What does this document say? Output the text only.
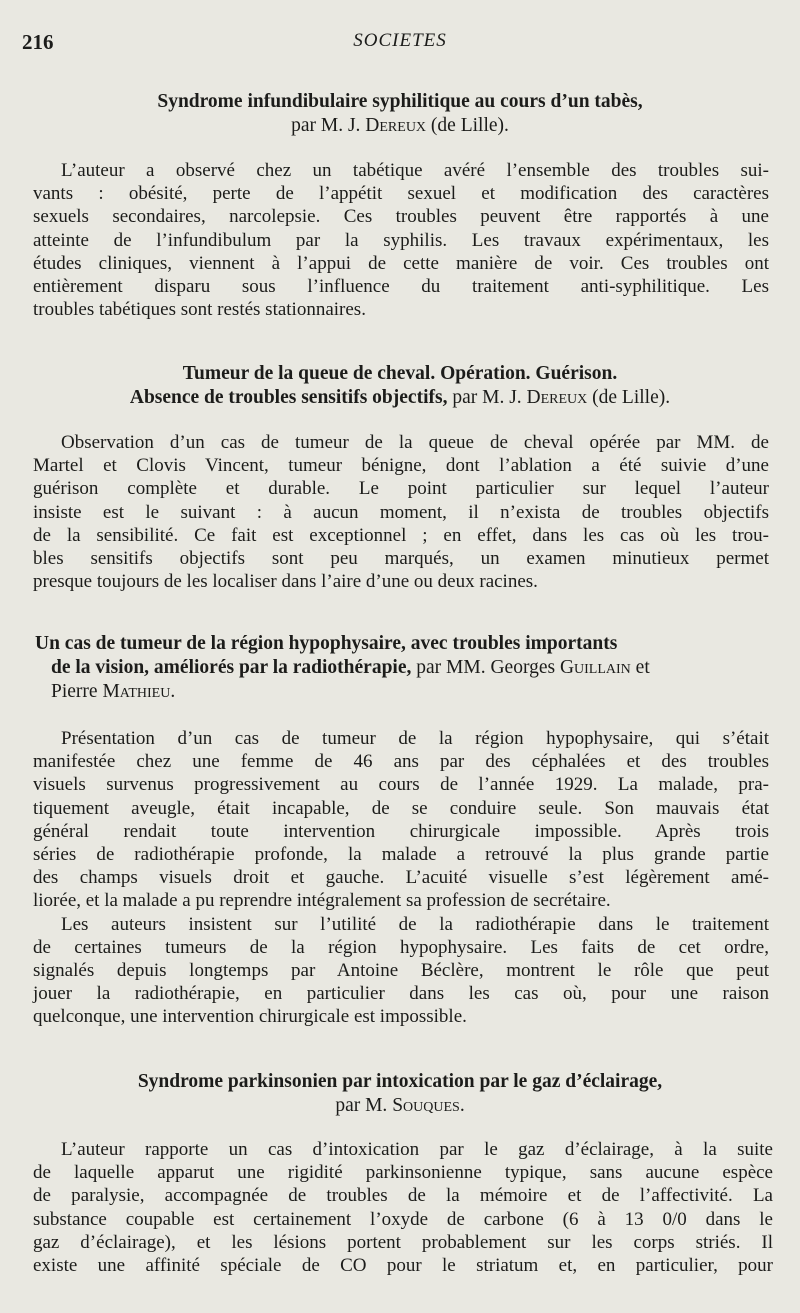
216	SOCIETES
Syndrome infundibulaire syphilitique au cours d’un tabès,
par M. J. Dereux (de Lille).
L’auteur a observé chez un tabétique avéré l’ensemble des troubles sui-
vants : obésité, perte de l’appétit sexuel et modification des caractères
sexuels secondaires, narcolepsie. Ces troubles peuvent être rapportés à une
atteinte de l’infundibulum par la syphilis. Les travaux expérimentaux, les
études cliniques, viennent à l’appui de cette manière de voir. Ces troubles ont
entièrement disparu sous l’influence du traitement anti-syphilitique. Les
troubles tabétiques sont restés stationnaires.
Tumeur de la queue de cheval. Opération. Guérison.
Absence de troubles sensitifs objectifs, par M. J. Dereux (de Lille).
Observation d’un cas de tumeur de la queue de cheval opérée par MM. de
Martel et Clovis Vincent, tumeur bénigne, dont l’ablation a été suivie d’une
guérison complète et durable. Le point particulier sur lequel l’auteur
insiste est le suivant : à aucun moment, il n’exista de troubles objectifs
de la sensibilité. Ce fait est exceptionnel ; en effet, dans les cas où les trou-
bles sensitifs objectifs sont peu marqués, un examen minutieux permet
presque toujours de les localiser dans l’aire d’une ou deux racines.
Un cas de tumeur de la région hypophysaire, avec troubles importants
de la vision, améliorés par la radiothérapie, par MM. Georges Guillain et
Pierre Mathieu.
Présentation d’un cas de tumeur de la région hypophysaire, qui s’était
manifestée chez une femme de 46 ans par des céphalées et des troubles
visuels survenus progressivement au cours de l’année 1929. La malade, pra-
tiquement aveugle, était incapable, de se conduire seule. Son mauvais état
général rendait toute intervention chirurgicale impossible. Après trois
séries de radiothérapie profonde, la malade a retrouvé la plus grande partie
des champs visuels droit et gauche. L’acuité visuelle s’est légèrement amé-
liorée, et la malade a pu reprendre intégralement sa profession de secrétaire.
Les auteurs insistent sur l’utilité de la radiothérapie dans le traitement
de certaines tumeurs de la région hypophysaire. Les faits de cet ordre,
signalés depuis longtemps par Antoine Béclère, montrent le rôle que peut
jouer la radiothérapie, en particulier dans les cas où, pour une raison
quelconque, une intervention chirurgicale est impossible.
Syndrome parkinsonien par intoxication par le gaz d’éclairage,
par M. Souques.
L’auteur rapporte un cas d’intoxication par le gaz d’éclairage, à la suite
de laquelle apparut une rigidité parkinsonienne typique, sans aucune espèce
de paralysie, accompagnée de troubles de la mémoire et de l’affectivité. La
substance coupable est certainement l’oxyde de carbone (6 à 13 0/0 dans le
gaz d’éclairage), et les lésions portent probablement sur les corps striés. Il
existe une affinité spéciale de CO pour le striatum et, en particulier, pour
